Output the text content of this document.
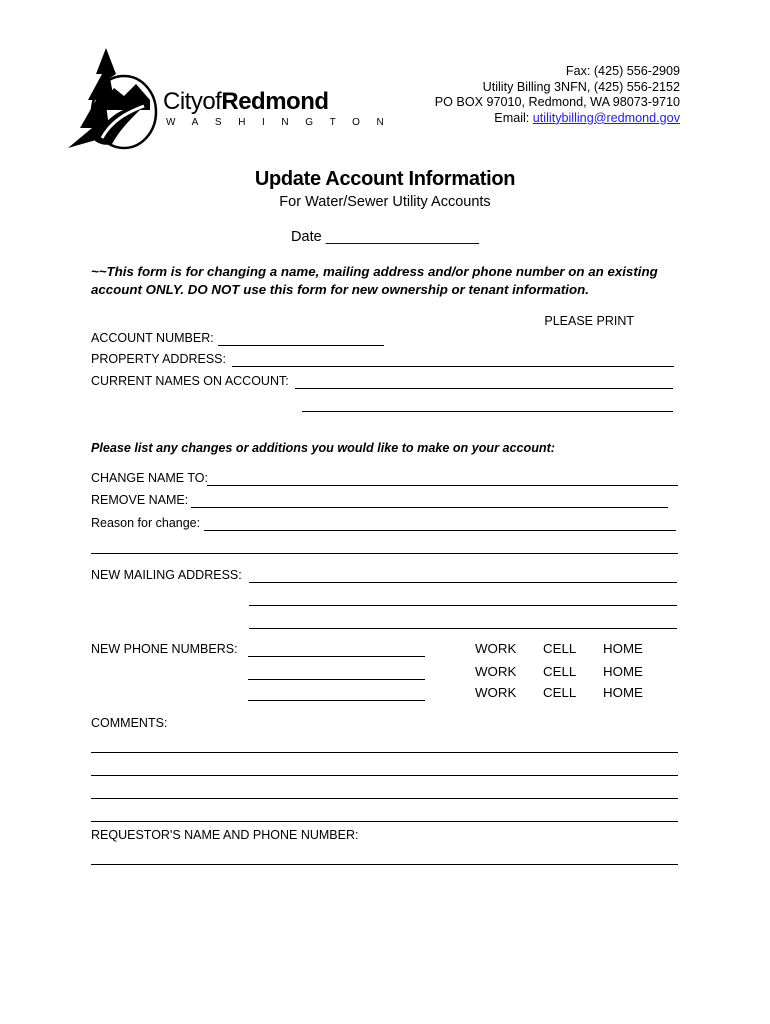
CityofRedmond
WASHINGTON
Fax: (425) 556-2909
Utility Billing 3NFN, (425) 556-2152
PO BOX 97010, Redmond, WA 98073-9710
Email: utilitybilling@redmond.gov
Update Account Information
For Water/Sewer Utility Accounts
Date ___________________
~~This form is for changing a name, mailing address and/or phone number on an existing account ONLY. DO NOT use this form for new ownership or tenant information.
PLEASE PRINT
ACCOUNT NUMBER:
PROPERTY ADDRESS:
CURRENT NAMES ON ACCOUNT:
Please list any changes or additions you would like to make on your account:
CHANGE NAME TO:
REMOVE NAME:
Reason for change:
NEW MAILING ADDRESS:
NEW PHONE NUMBERS:	WORK CELL HOME
WORK CELL HOME
WORK CELL HOME
COMMENTS:
REQUESTOR'S NAME AND PHONE NUMBER:
